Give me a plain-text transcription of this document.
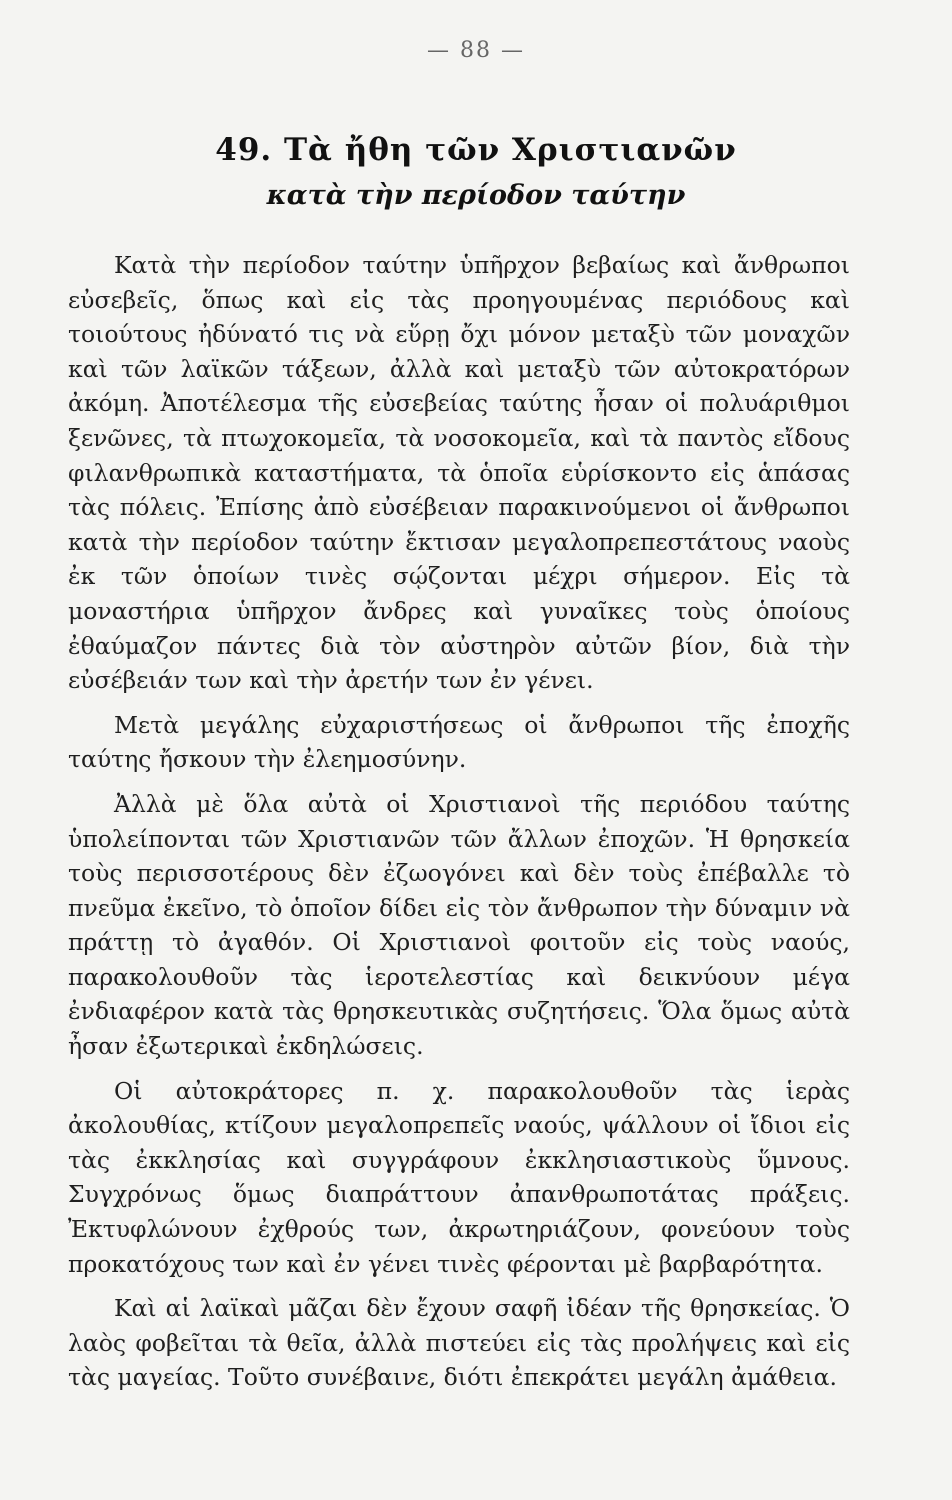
— 88 —
49. Τὰ ἤθη τῶν Χριστιανῶν
κατὰ τὴν περίοδον ταύτην

Κατὰ τὴν περίοδον ταύτην ὑπῆρχον βεβαίως καὶ ἄνθρωποι εὐσεβεῖς, ὅπως καὶ εἰς τὰς προηγουμένας περιόδους καὶ τοιούτους ἠδύνατό τις νὰ εὕρῃ ὄχι μόνον μεταξὺ τῶν μοναχῶν καὶ τῶν λαϊκῶν τάξεων, ἀλλὰ καὶ μεταξὺ τῶν αὐτοκρατόρων ἀκόμη. Ἀποτέλεσμα τῆς εὐσεβείας ταύτης ἦσαν οἱ πολυάριθμοι ξενῶνες, τὰ πτωχοκομεῖα, τὰ νοσοκομεῖα, καὶ τὰ παντὸς εἴδους φιλανθρωπικὰ καταστήματα, τὰ ὁποῖα εὑρίσκοντο εἰς ἁπάσας τὰς πόλεις. Ἐπίσης ἀπὸ εὐσέβειαν παρακινούμενοι οἱ ἄνθρωποι κατὰ τὴν περίοδον ταύτην ἔκτισαν μεγαλοπρεπεστάτους ναοὺς ἐκ τῶν ὁποίων τινὲς σῴζονται μέχρι σήμερον. Εἰς τὰ μοναστήρια ὑπῆρχον ἄνδρες καὶ γυναῖκες τοὺς ὁποίους ἐθαύμαζον πάντες διὰ τὸν αὐστηρὸν αὐτῶν βίον, διὰ τὴν εὐσέβειάν των καὶ τὴν ἀρετήν των ἐν γένει.

Μετὰ μεγάλης εὐχαριστήσεως οἱ ἄνθρωποι τῆς ἐποχῆς ταύτης ἤσκουν τὴν ἐλεημοσύνην.

Ἀλλὰ μὲ ὅλα αὐτὰ οἱ Χριστιανοὶ τῆς περιόδου ταύτης ὑπολείπονται τῶν Χριστιανῶν τῶν ἄλλων ἐποχῶν. Ἡ θρησκεία τοὺς περισσοτέρους δὲν ἐζωογόνει καὶ δὲν τοὺς ἐπέβαλλε τὸ πνεῦμα ἐκεῖνο, τὸ ὁποῖον δίδει εἰς τὸν ἄνθρωπον τὴν δύναμιν νὰ πράττῃ τὸ ἀγαθόν. Οἱ Χριστιανοὶ φοιτοῦν εἰς τοὺς ναούς, παρακολουθοῦν τὰς ἱεροτελεστίας καὶ δεικνύουν μέγα ἐνδιαφέρον κατὰ τὰς θρησκευτικὰς συζητήσεις. Ὅλα ὅμως αὐτὰ ἦσαν ἐξωτερικαὶ ἐκδηλώσεις.

Οἱ αὐτοκράτορες π. χ. παρακολουθοῦν τὰς ἱερὰς ἀκολουθίας, κτίζουν μεγαλοπρεπεῖς ναούς, ψάλλουν οἱ ἴδιοι εἰς τὰς ἐκκλησίας καὶ συγγράφουν ἐκκλησιαστικοὺς ὕμνους. Συγχρόνως ὅμως διαπράττουν ἀπανθρωποτάτας πράξεις. Ἐκτυφλώνουν ἐχθρούς των, ἀκρωτηριάζουν, φονεύουν τοὺς προκατόχους των καὶ ἐν γένει τινὲς φέρονται μὲ βαρβαρότητα.

Καὶ αἱ λαϊκαὶ μᾶζαι δὲν ἔχουν σαφῆ ἰδέαν τῆς θρησκείας. Ὁ λαὸς φοβεῖται τὰ θεῖα, ἀλλὰ πιστεύει εἰς τὰς προλήψεις καὶ εἰς τὰς μαγείας. Τοῦτο συνέβαινε, διότι ἐπεκράτει μεγάλη ἀμάθεια.
